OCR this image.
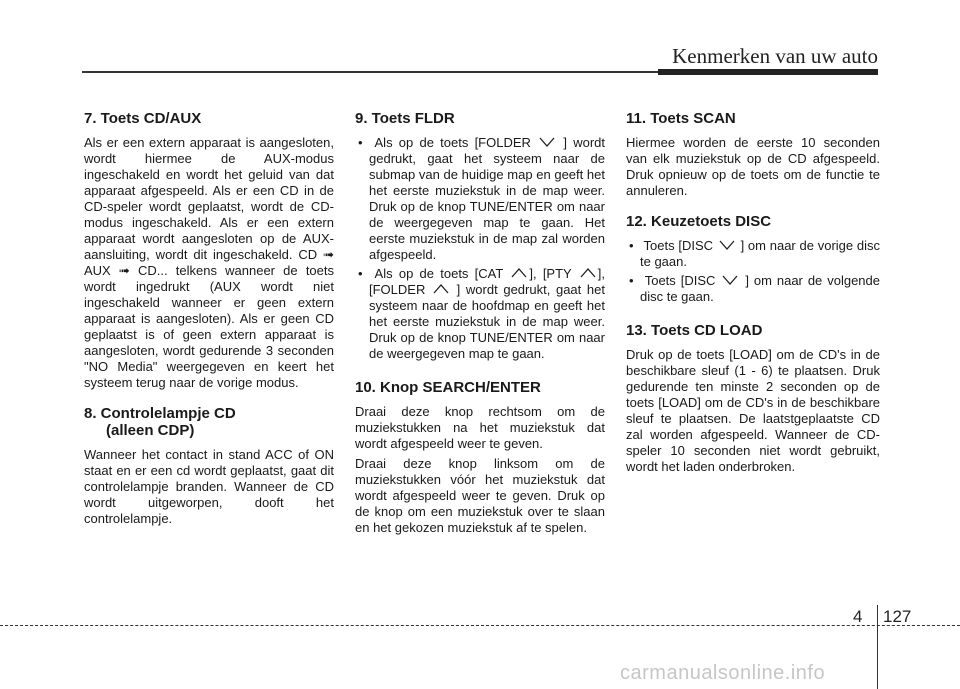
Kenmerken van uw auto
7. Toets CD/AUX

Als er een extern apparaat is aangesloten, wordt hiermee de AUX-modus ingeschakeld en wordt het geluid van dat apparaat afgespeeld. Als er een CD in de CD-speler wordt geplaatst, wordt de CD-modus ingeschakeld. Als er een extern apparaat wordt aangesloten op de AUX-aansluiting, wordt dit ingeschakeld. CD ➟ AUX ➟ CD... telkens wanneer de toets wordt ingedrukt (AUX wordt niet ingeschakeld wanneer er geen extern apparaat is aangesloten). Als er geen CD geplaatst is of geen extern apparaat is aangesloten, wordt gedurende 3 seconden "NO Media" weergegeven en keert het systeem terug naar de vorige modus.

8. Controlelampje CD
(alleen CDP)

Wanneer het contact in stand ACC of ON staat en er een cd wordt geplaatst, gaat dit controlelampje branden. Wanneer de CD wordt uitgeworpen, dooft het controlelampje.

9. Toets FLDR
• Als op de toets [FOLDER ] wordt gedrukt, gaat het systeem naar de submap van de huidige map en geeft het het eerste muziekstuk in de map weer. Druk op de knop TUNE/ENTER om naar de weergegeven map te gaan. Het eerste muziekstuk in de map zal worden afgespeeld.
• Als op de toets [CAT ], [PTY ], [FOLDER ] wordt gedrukt, gaat het systeem naar de hoofdmap en geeft het het eerste muziekstuk in de map weer. Druk op de knop TUNE/ENTER om naar de weergegeven map te gaan.
10. Knop SEARCH/ENTER

Draai deze knop rechtsom om de muziekstukken na het muziekstuk dat wordt afgespeeld weer te geven.

Draai deze knop linksom om de muziekstukken vóór het muziekstuk dat wordt afgespeeld weer te geven. Druk op de knop om een muziekstuk over te slaan en het gekozen muziekstuk af te spelen.

11. Toets SCAN

Hiermee worden de eerste 10 seconden van elk muziekstuk op de CD afgespeeld. Druk opnieuw op de toets om de functie te annuleren.

12. Keuzetoets DISC
• Toets [DISC ] om naar de vorige disc te gaan.
• Toets [DISC ] om naar de volgende disc te gaan.
13. Toets CD LOAD

Druk op de toets [LOAD] om de CD's in de beschikbare sleuf (1 - 6) te plaatsen. Druk gedurende ten minste 2 seconden op de toets [LOAD] om de CD's in de beschikbare sleuf te plaatsen. De laatstgeplaatste CD zal worden afgespeeld. Wanneer de CD-speler 10 seconden niet wordt gebruikt, wordt het laden onderbroken.

4 127
carmanualsonline.info
